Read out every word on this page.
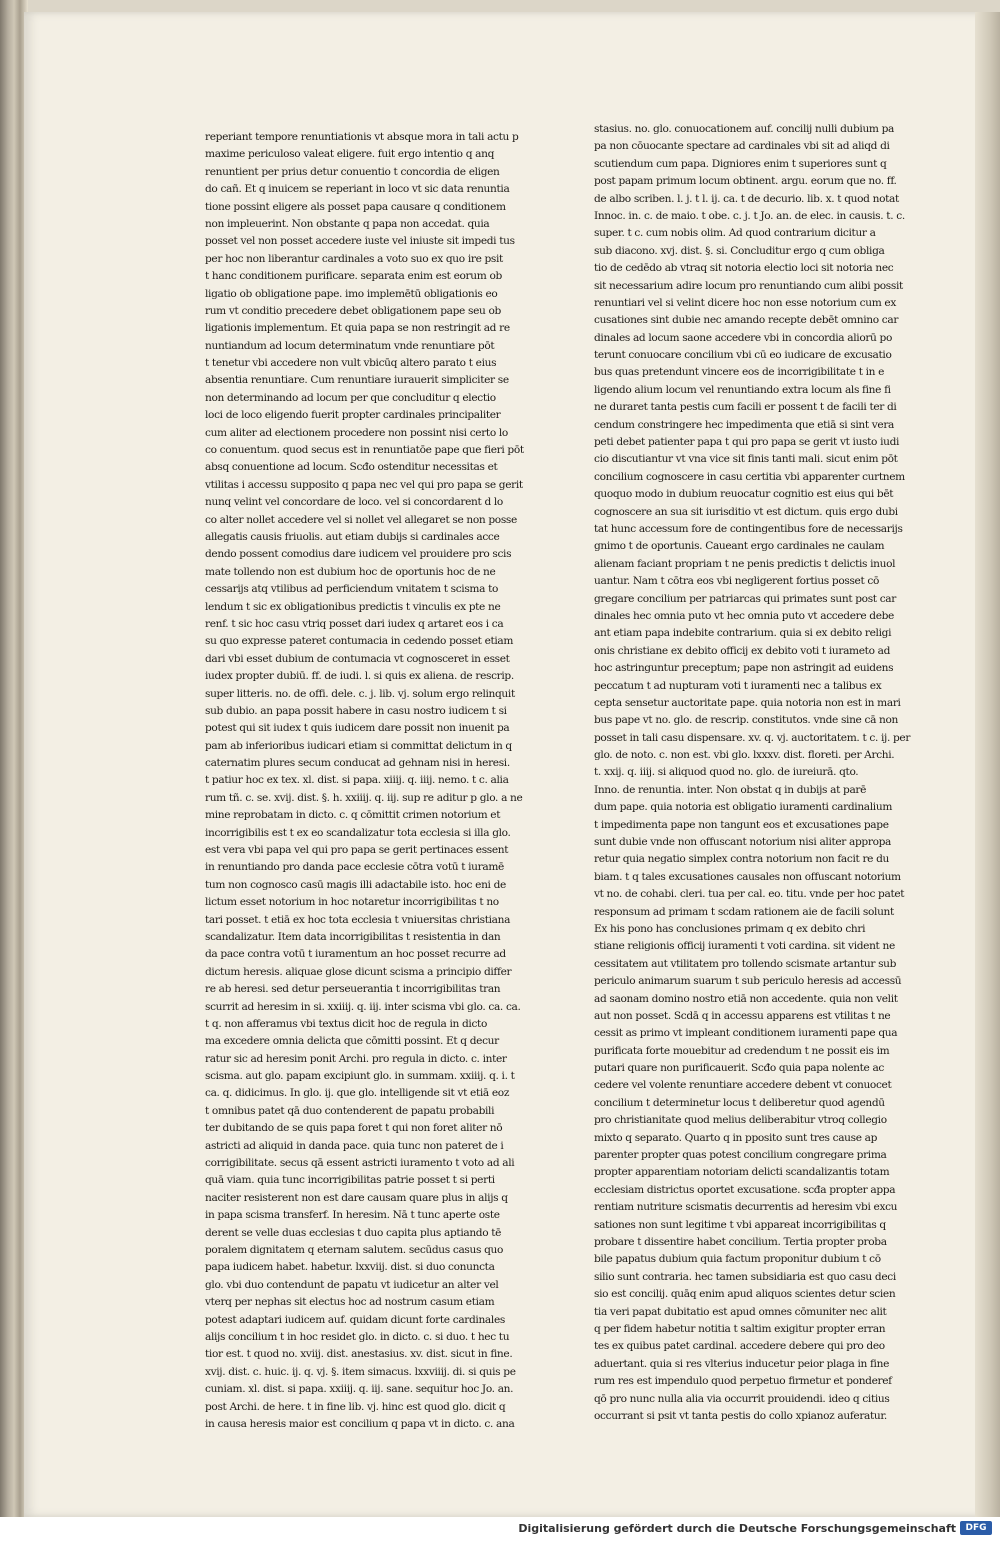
reperiant tempore renuntiationis vt absque mora in tali actu p
maxime periculoso valeat eligere. fuit ergo intentio q anq
renuntient per prius detur conuentio t concordia de eligen
do cañ. Et q inuicem se reperiant in loco vt sic data renuntia
tione possint eligere als posset papa causare q conditionem
non impleuerint. Non obstante q papa non accedat. quia
posset vel non posset accedere iuste vel iniuste sit impedi tus
per hoc non liberantur cardinales a voto suo ex quo ire psit
t hanc conditionem purificare. separata enim est eorum ob
ligatio ob obligatione pape. imo implemētū obligationis eo
rum vt conditio precedere debet obligationem pape seu ob
ligationis implementum. Et quia papa se non restringit ad re
nuntiandum ad locum determinatum vnde renuntiare pōt
t tenetur vbi accedere non vult vbicūq altero parato t eius
absentia renuntiare. Cum renuntiare iurauerit simpliciter se
non determinando ad locum per que concluditur q electio
loci de loco eligendo fuerit propter cardinales principaliter
cum aliter ad electionem procedere non possint nisi certo lo
co conuentum. quod secus est in renuntiatōe pape que fieri pōt
absq conuentione ad locum. Scđo ostenditur necessitas et
vtilitas i accessu supposito q papa nec vel qui pro papa se gerit
nunq velint vel concordare de loco. vel si concordarent d lo
co alter nollet accedere vel si nollet vel allegaret se non posse
allegatis causis friuolis. aut etiam dubijs si cardinales acce
dendo possent comodius dare iudicem vel prouidere pro scis
mate tollendo non est dubium hoc de oportunis hoc de ne
cessarijs atq vtilibus ad perficiendum vnitatem t scisma to
lendum t sic ex obligationibus predictis t vinculis ex pte ne
renf. t sic hoc casu vtriq posset dari iudex q artaret eos i ca
su quo expresse pateret contumacia in cedendo posset etiam
dari vbi esset dubium de contumacia vt cognosceret in esset
iudex propter dubiū. ff. de iudi. l. si quis ex aliena. de rescrip.
super litteris. no. de offi. dele. c. j. lib. vj. solum ergo relinquit
sub dubio. an papa possit habere in casu nostro iudicem t si
potest qui sit iudex t quis iudicem dare possit non inuenit pa
pam ab inferioribus iudicari etiam si committat delictum in q
caternatim plures secum conducat ad gehnam nisi in heresi.
t patiur hoc ex tex. xl. dist. si papa. xiiij. q. iiij. nemo. t c. alia
rum tñ. c. se. xvij. dist. §. h. xxiiij. q. iij. sup re aditur p glo. a ne
mine reprobatam in dicto. c. q cōmittit crimen notorium et
incorrigibilis est t ex eo scandalizatur tota ecclesia si illa glo.
est vera vbi papa vel qui pro papa se gerit pertinaces essent
in renuntiando pro danda pace ecclesie cōtra votū t iuramē
tum non cognosco casū magis illi adactabile isto. hoc eni de
lictum esset notorium in hoc notaretur incorrigibilitas t no
tari posset. t etiā ex hoc tota ecclesia t vniuersitas christiana
scandalizatur. Item data incorrigibilitas t resistentia in dan
da pace contra votū t iuramentum an hoc posset recurre ad
dictum heresis. aliquae glose dicunt scisma a principio differ
re ab heresi. sed detur perseuerantia t incorrigibilitas tran
scurrit ad heresim in si. xxiiij. q. iij. inter scisma vbi glo. ca. ca.
t q. non afferamus vbi textus dicit hoc de regula in dicto
ma excedere omnia delicta que cōmitti possint. Et q decur
ratur sic ad heresim ponit Archi. pro regula in dicto. c. inter
scisma. aut glo. papam excipiunt glo. in summam. xxiiij. q. i. t
ca. q. didicimus. In glo. ij. que glo. intelligende sit vt etiā eoz
t omnibus patet qā duo contenderent de papatu probabili
ter dubitando de se quis papa foret t qui non foret aliter nō
astricti ad aliquid in danda pace. quia tunc non pateret de i
corrigibilitate. secus qā essent astricti iuramento t voto ad ali
quā viam. quia tunc incorrigibilitas patrie posset t si perti
naciter resisterent non est dare causam quare plus in alijs q
in papa scisma transferf. In heresim. Nā t tunc aperte oste
derent se velle duas ecclesias t duo capita plus aptiando tē
poralem dignitatem q eternam salutem. secūdus casus quo
papa iudicem habet. habetur. lxxviij. dist. si duo conuncta
glo. vbi duo contendunt de papatu vt iudicetur an alter vel
vterq per nephas sit electus hoc ad nostrum casum etiam
potest adaptari iudicem auf. quidam dicunt forte cardinales
alijs concilium t in hoc residet glo. in dicto. c. si duo. t hec tu
tior est. t quod no. xviij. dist. anestasius. xv. dist. sicut in fine.
xvij. dist. c. huic. ij. q. vj. §. item simacus. lxxviiij. di. si quis pe
cuniam. xl. dist. si papa. xxiiij. q. iij. sane. sequitur hoc Jo. an.
post Archi. de here. t in fine lib. vj. hinc est quod glo. dicit q
in causa heresis maior est concilium q papa vt in dicto. c. ana
stasius. no. glo. conuocationem auf. concilij nulli dubium pa
pa non cōuocante spectare ad cardinales vbi sit ad aliqd di
scutiendum cum papa. Digniores enim t superiores sunt q
post papam primum locum obtinent. argu. eorum que no. ff.
de albo scriben. l. j. t l. ij. ca. t de decurio. lib. x. t quod notat
Innoc. in. c. de maio. t obe. c. j. t Jo. an. de elec. in causis. t. c.
super. t c. cum nobis olim. Ad quod contrarium dicitur a
sub diacono. xvj. dist. §. si. Concluditur ergo q cum obliga
tio de cedēdo ab vtraq sit notoria electio loci sit notoria nec
sit necessarium adire locum pro renuntiando cum alibi possit
renuntiari vel si velint dicere hoc non esse notorium cum ex
cusationes sint dubie nec amando recepte debēt omnino car
dinales ad locum saone accedere vbi in concordia aliorū po
terunt conuocare concilium vbi cū eo iudicare de excusatio
bus quas pretendunt vincere eos de incorrigibilitate t in e
ligendo alium locum vel renuntiando extra locum als fine fi
ne duraret tanta pestis cum facili er possent t de facili ter di
cendum constringere hec impedimenta que etiā si sint vera
peti debet patienter papa t qui pro papa se gerit vt iusto iudi
cio discutiantur vt vna vice sit finis tanti mali. sicut enim pōt
concilium cognoscere in casu certitia vbi apparenter curtnem
quoquo modo in dubium reuocatur cognitio est eius qui bēt
cognoscere an sua sit iurisditio vt est dictum. quis ergo dubi
tat hunc accessum fore de contingentibus fore de necessarijs
gnimo t de oportunis. Caueant ergo cardinales ne caulam
alienam faciant propriam t ne penis predictis t delictis inuol
uantur. Nam t cōtra eos vbi negligerent fortius posset cō
gregare concilium per patriarcas qui primates sunt post car
dinales hec omnia puto vt hec omnia puto vt accedere debe
ant etiam papa indebite contrarium. quia si ex debito religi
onis christiane ex debito officij ex debito voti t iurameto ad
hoc astringuntur preceptum; pape non astringit ad euidens
peccatum t ad nupturam voti t iuramenti nec a talibus ex
cepta sensetur auctoritate pape. quia notoria non est in mari
bus pape vt no. glo. de rescrip. constitutos. vnde sine cā non
posset in tali casu dispensare. xv. q. vj. auctoritatem. t c. ij. per
glo. de noto. c. non est. vbi glo. lxxxv. dist. floreti. per Archi.
t. xxij. q. iiij. si aliquod quod no. glo. de iureiurā. qto.
Inno. de renuntia. inter. Non obstat q in dubijs at parē
dum pape. quia notoria est obligatio iuramenti cardinalium
t impedimenta pape non tangunt eos et excusationes pape
sunt dubie vnde non offuscant notorium nisi aliter appropa
retur quia negatio simplex contra notorium non facit re du
biam. t q tales excusationes causales non offuscant notorium
vt no. de cohabi. cleri. tua per cal. eo. titu. vnde per hoc patet
responsum ad primam t scdam rationem aie de facili solunt
Ex his pono has conclusiones primam q ex debito chri
stiane religionis officij iuramenti t voti cardina. sit vident ne
cessitatem aut vtilitatem pro tollendo scismate artantur sub
periculo animarum suarum t sub periculo heresis ad accessū
ad saonam domino nostro etiā non accedente. quia non velit
aut non posset. Scdā q in accessu apparens est vtilitas t ne
cessit as primo vt impleant conditionem iuramenti pape qua
purificata forte mouebitur ad credendum t ne possit eis im
putari quare non purificauerit. Scđo quia papa nolente ac
cedere vel volente renuntiare accedere debent vt conuocet
concilium t determinetur locus t deliberetur quod agendū
pro christianitate quod melius deliberabitur vtroq collegio
mixto q separato. Quarto q in pposito sunt tres cause ap
parenter propter quas potest concilium congregare prima
propter apparentiam notoriam delicti scandalizantis totam
ecclesiam districtus oportet excusatione. scđa propter appa
rentiam nutriture scismatis decurrentis ad heresim vbi excu
sationes non sunt legitime t vbi appareat incorrigibilitas q
probare t dissentire habet concilium. Tertia propter proba
bile papatus dubium quia factum proponitur dubium t cō
silio sunt contraria. hec tamen subsidiaria est quo casu deci
sio est concilij. quāq enim apud aliquos scientes detur scien
tia veri papat dubitatio est apud omnes cōmuniter nec alit
q per fidem habetur notitia t saltim exigitur propter erran
tes ex quibus patet cardinal. accedere debere qui pro deo
aduertant. quia si res vlterius inducetur peior plaga in fine
rum res est impendulo quod perpetuo firmetur et ponderef
qō pro nunc nulla alia via occurrit prouidendi. ideo q citius
occurrant si psit vt tanta pestis do collo xpianoz auferatur.
Digitalisierung gefördert durch die Deutsche Forschungsgemeinschaft	DFG
